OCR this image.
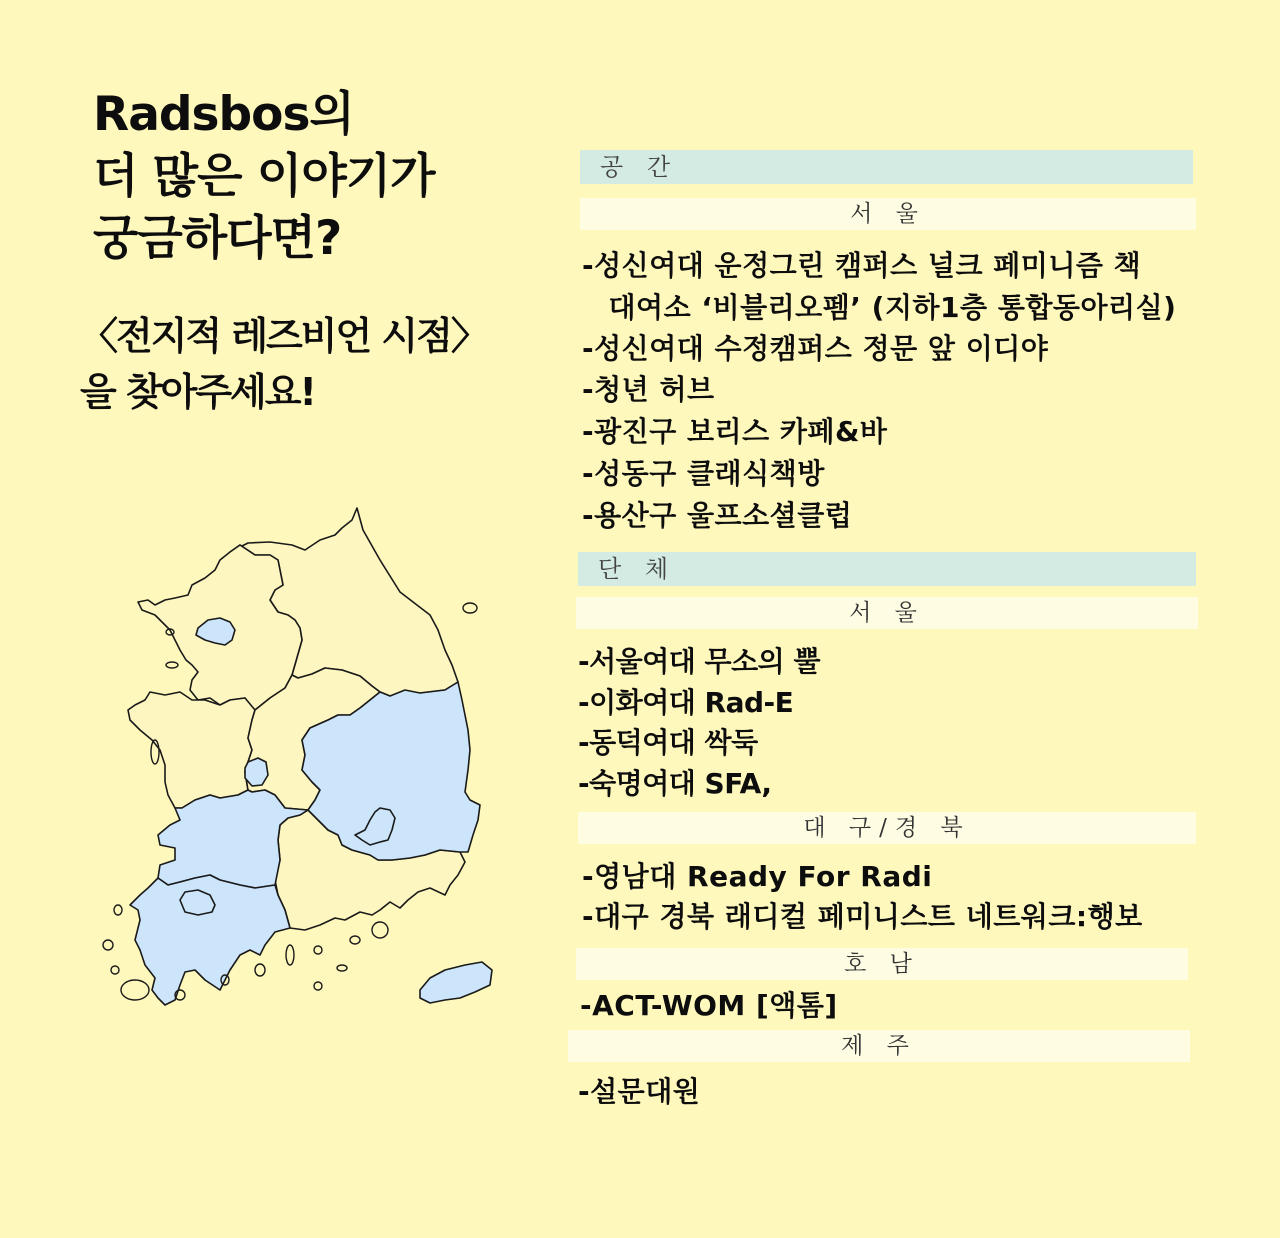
Radsbos의
더 많은 이야기가
궁금하다면?
〈전지적 레즈비언 시점〉
을 찾아주세요!
공 간
서 울
-성신여대 운정그린 캠퍼스 널크 페미니즘 책
대여소 ‘비블리오펨’ (지하1층 통합동아리실)
-성신여대 수정캠퍼스 정문 앞 이디야
-청년 허브
-광진구 보리스 카페&바
-성동구 클래식책방
-용산구 울프소셜클럽
단 체
서 울
-서울여대 무소의 뿔
-이화여대 Rad-E
-동덕여대 싹둑
-숙명여대 SFA,
대 구/경 북
-영남대 Ready For Radi
-대구 경북 래디컬 페미니스트 네트워크:행보
호 남
-ACT-WOM [액톰]
제 주
-설문대원
